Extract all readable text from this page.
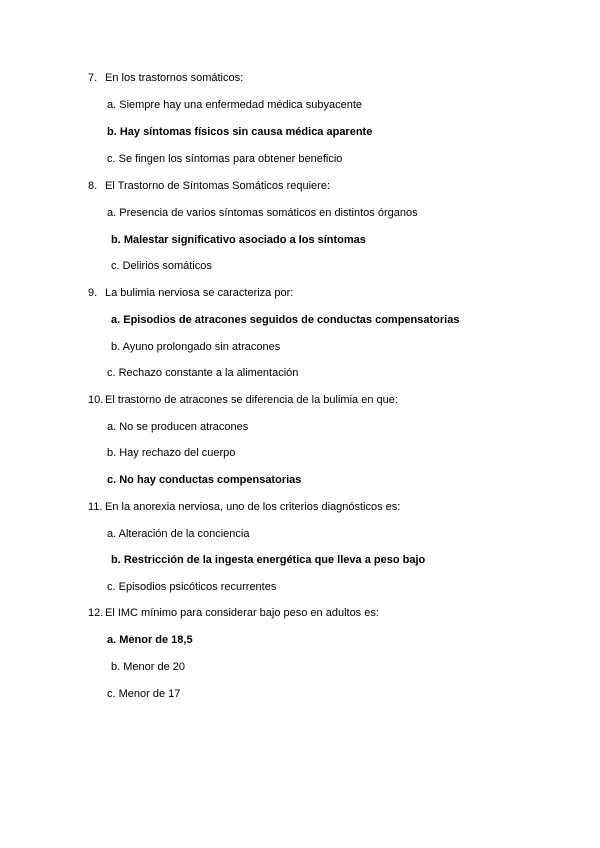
7. En los trastornos somáticos:
a. Siempre hay una enfermedad médica subyacente
b. Hay síntomas físicos sin causa médica aparente
c. Se fingen los síntomas para obtener beneficio
8. El Trastorno de Síntomas Somáticos requiere:
a. Presencia de varios síntomas somáticos en distintos órganos
b. Malestar significativo asociado a los síntomas
c. Delirios somáticos
9. La bulimia nerviosa se caracteriza por:
a. Episodios de atracones seguidos de conductas compensatorias
b. Ayuno prolongado sin atracones
c. Rechazo constante a la alimentación
10. El trastorno de atracones se diferencia de la bulimia en que:
a. No se producen atracones
b. Hay rechazo del cuerpo
c. No hay conductas compensatorias
11. En la anorexia nerviosa, uno de los criterios diagnósticos es:
a. Alteración de la conciencia
b. Restricción de la ingesta energética que lleva a peso bajo
c. Episodios psicóticos recurrentes
12. El IMC mínimo para considerar bajo peso en adultos es:
a. Menor de 18,5
b. Menor de 20
c. Menor de 17
